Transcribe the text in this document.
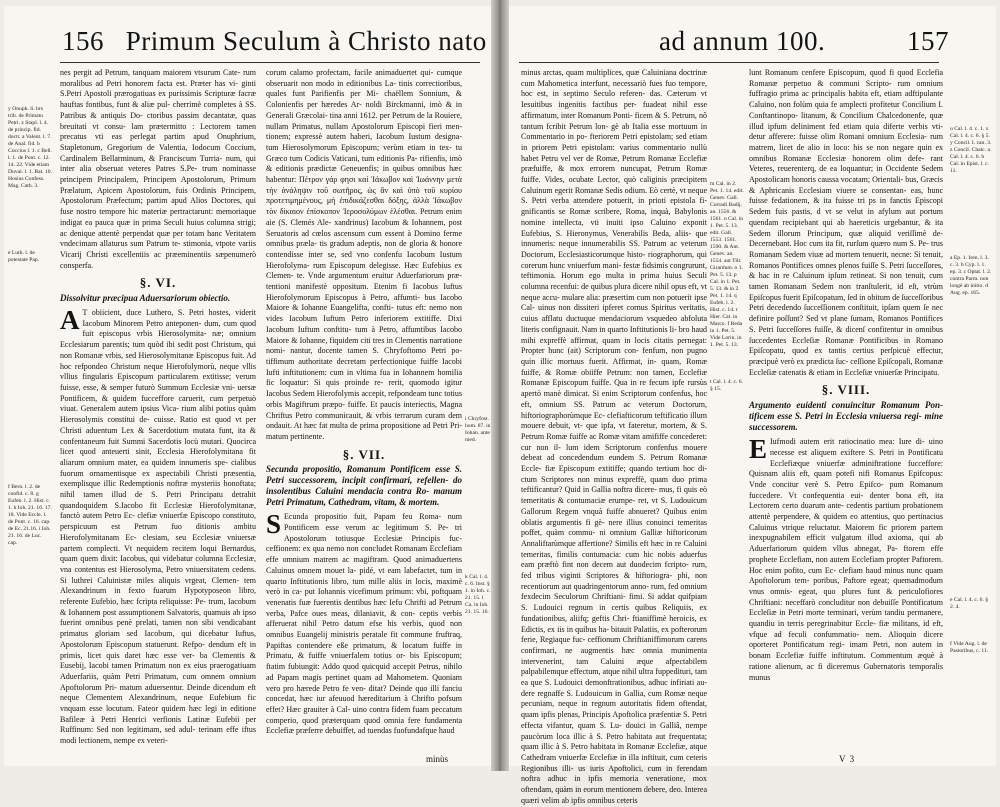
156 Primum Seculum à Christo nato
y Onuph. li. brs trib. de Primatu Petri. z Stapl. l. 4. de princip. fid. doctr. a Valent. l. 7. de Anal. fid. b Coccius l. 1. c Bell. l. 1. de Pont. c. 12. 14. 22. Vide etiam Duval. l. 1. Bat. 10. Hosius Confess. Mag. Cath. 3.
e Luth. l. de potestate Pap.
f Bern. l. 2. de confid. c. 8. g Eufeb. l. 2. Hist. c. 1. h Ioh. 21. 16. 17. 18. Vide Eccle. l. de Pont. c. 16. cap. de Ec. 21.16. i Ioh. 21. 16. de Luc. cap.

nes pergit ad Petrum, tanquam maiorem vtsurum Cate- rum moralibus ad Petri honorem facta est. Præter has vi- ginti S.Petri Apostoli prærogatiuas ex purissimis Scripturæ facræ hauftas fontibus, funt & aliæ pul- cherrimè completes à SS. Patribus & antiquis Do- ctoribus passim decantatæ, quas breuitati vt consu- lam prætermitto : Lectorem tamen precatus vti eas perlegat partim apud Onuphrium, Stapletonum, Gregorium de Valentia, Iodocum Coccium, Cardinalem Bellarminum, & Franciscum Turria- num, qui inter alia obseruat veteres Patres S.Pe- trum nominasse principem Principalem, Principem Apostolorum, Primum Prælatum, Apicem Apostolorum, fuis Ordinis Principem, Apostolorum Præfectum; partim apud Alios Doctores, qui fuse nostro tempore hic materiæ pertractarunt: memoriaque indigat ea pauca quæ in prima Seculi huius columna strigi; ac denique attentè perpendat quæ per totam hanc Veritatem vndecimam allaturus sum Patrum te- stimonia, vtpote variis Vicarij Christi excellentiis ac præeminentiis sæpenumerò consperfa.

§. VI.
Dissolvitur præcipua Aduersariorum obiectio.

A T obiicient, duce Luthero, S. Petri hostes, viderit Iacobum Minorem Petro anteponen- dum, cum quod fuit episcopus vrbis Hierosolymita- næ; omnium Ecclesiarum parentis; tum quòd ibi sedit post Christum, qui non Romanæ vrbis, sed Hierosolymitanæ Episcopus fuit. Ad hoc refpondeo Christum neque Hierofolymorù, neque vllis vllius fingularis Episcopum particularem extitisse; verum fuisse, esse, & semper futurò Summum Ecclesiæ vni- uersæ Pontificem, & quidem fucceffore caruerit, cum perpetuò viuat. Generalem autem ipsius Vica- rium alibi potius quàm Hierosolymis constitui de- cuisse. Ratio est quod vt per Christi aduentum Lex & Sacerdotium mutata funt, ita & confentaneum fuit Summi Sacerdotis locù mutari. Quocirca licet quod anteuerti sinit, Ecclesia Hierofolymitana fit aliarum omnium mater, ea quidem innumeris spe- cialibus fuorum ornamentisque ex aspectabili Christi præsentia, exemplisque illic Redemptionis noftræ mysteriis honoftata; nihil tamen illud de S. Petri Principatu detrahit quandoquidem S.Iacobo fit Ecclesiæ Hierofolymitanæ, fanctò autem Petro Ec- clefiæ vniuerfæ Episcopo constituto, perspicuum est Petrum fuo ditionis ambitu Hierofolymitanam Ec- clesiam, seu Ecclesiæ vniuersæ partem complecti. Vt nequidem recitem loqui Bernardus, quam quem dixit: Iacobus, qui videbatur columna Ecclesiæ, vna contentus est Hierosolyma, Petro vniuersitatem cedens. Si luthrei Caluinistæ miles aliquis vrgeat, Clemen- tem Alexandrinum in fexto fuarum Hypotyposeon libro, referente Eufebio, hæc fcripta reliquisse: Pe- trum, Iacobum & Iohannem post assumptionem Salvatoris, quamuis ab ipso fuerint omnibus penè prelati, tamen non sibi vendicabant primatus gloriam sed Iacobum, qui dicebatur Iuftus, Apostolorum Episcopum statuerunt. Refpo- dendum eft in primis, licet quis daret hæc esse ver- ba Clementis & Eusebij, Iacobi tamen Primatum non ex eius praerogatiuam Aduerfariis, quàm Petri Primatum, cum omnem omnium Apoftolorum Pri- matum aduersentur. Deinde dicendum eft neque Clementem Alexandrinum, neque Eufebium fic vnquam esse locutum. Fateor quidem hæc legi in editione Bafileæ à Petri Henrici verfionis Latinæ Eufebii per Ruffinum: Sed non legitimam, sed adul- terinam effe iftus modi lectionem, nempe ex veteri-

corum calamo profectam, facile animaduertet qui- cumque obseruarit non modo in editionibus La- tinis correctioribus, quales funt Parifienfis per Mi- chaëllem Sonnium, & Colonienfis per hæredes Ar- noldi Birckmanni, imò & in Generali Græcolai- tina anni 1612. per Petrum de la Rouiere, nullam Primatus, nullam Apostolorum Episcopi fieri men- tionem; expressè autem haberi, Iacobum Iustum designa- tum Hierosolymorum Episcopum; verùm etiam in tex- tu Græco tum Codicis Vaticani, tum editionis Pa- rifienfis, imò & editionis prædictæ Geneuenfis; in quibus omnibus hæc habentur: Πέτρον γάρ φησι καὶ Ἰάκωβον καὶ Ἰωάννην μετὰ τὴν ἀνάληψιν τοῦ σωτῆρος, ὡς ἂν καὶ ὑπὸ τοῦ κυρίου προτετιμημένους, μὴ ἐπιδικάζεσθαι δόξης, ἀλλὰ Ἰάκωβον τὸν δίκαιον ἐπίσκοπον Ἱεροσολύμων ἑλέσθαι. Petrum enim aie (S. Clemés Ale- xandrinus) Iacobum & Iohannem, post Seruatoris ad cœlos ascensum cum essent à Domino ferme omnibus præla- tis gradum adeptis, non de gloria & honore contendisse inter se, sed vno confenfu Iacobum Iustum Hierofolyma- rum Episcopum delegisse. Hæc Eufebius ex Clemen- te. Vnde argumentum eruitur Aduerfariorum præ- tentioni manifestè oppositum. Etenim fi Iacobus Iuftus Hierofolymorum Episcopus à Petro, affumti- bus Iacobo Maiore & Iohanne Euangelifta, confti- tutus eft: nemo non vides Iacobum Iuftum Petro inferiorem extitiffe. Dixi Iacobum Iuftum conftitu- tum à Petro, affumtibus Iacobo Maiore & Iohanne, fiquidem citi tres in Clementis narratione nomi- nantur, docente tamen S. Chryfoftomo Petri po- tiffimum authoritate decretam perfectionique fuiffe Iacobi Iufti inftitutionem: cum in vltima fua in Iohannem homilia fic loquatur: Si quis proinde re- rerit, quomodo igitur Iacobus Sedem Hierofolymis accepit, refpondeam tunc totius orbis Magiftrum præpo- fuiffe. Et paucis interiectis, Magna Chriftus Petro communicauit, & vrbis terrarum curam dem ondauit. At hæc fat multa de prima propositione ad Petri Pri- matum pertinente.

§. VII.
Secunda propositio, Romanum Pontificem esse S. Petri successorem, incipit confirmari, refellen- do insolentibus Caluini mendacia contra Ro- manum Petri Primatum, Cathedram, vitam, & mortem.

S Ecunda propositio fuit, Papam feu Roma- num Pontificem esse verum ac legitimum S. Pe- tri Apostolorum totiusque Ecclesiæ Principis fuc- ceffionem: ex qua nemo non concludet Romanam Ecclefiam effe omnium matrem ac magiftram. Quod animaduertens Caluinus omnem mouet la- pidé, vt eam labefactet, tum in quarto Inftitutionis libro, tum mille aliis in locis, maximè verò in ca- put Iohannis vicefimum primum: vbi, poftquam venenatis fuæ fuerentis dentibus hæc Iefu Chrifti ad Petrum verba, Pafce oues meas, dilaniavit, & con- ceptis verbis afferuerat nihil Petro datum efse his verbis, quod non omnibus Euangelij ministris peratale fit commune fruftraq, Papiftas contendere eße primatum, & locatum fuiffe in Primatu, & fuiffe vniuerfalem totius or- bis Episcopum; ftatim fubiungit: Addo quod quicquid accepit Petrus, nihilo ad Papam magis pertinet quam ad Mahometem. Quoniam vero pro hærede Petro fe ven- ditat? Deinde quo illi fanciu concedat, hæc iur afeuuod hæreditarium à Chrifto pofsum effet? Hæc grauiter à Cal- uino contra fidem fuam peccatum comperio, quod præterquam quod omnia fere fundamenta Ecclefiæ præferre debuiffet, ad tuendas fuofundafque haud

minùs
i Chryfost. hom. 87. in Iohan. ante med.
k Cal. l. 4. c. 6. Inst. § 1. in Ioh. c. 21. 15. l Ca. in Ioh. 21. 15. 16.
ad annum 100.	157

minus arctas, quam multiplices, quæ Caluiniana doctrinæ cum Mahometica interfunt, necessariò fues fuo tempore, hoc est, in septimo Seculo referen- das. Cæterum vt Iesuitibus ingenitis factibus per- fuadeat nihil esse affirmatum, inter Romanum Ponti- ficem & S. Petrum, nô tantum fcribit Petrum lon- gè ab Italia esse mortuum in Commentario in po- fteriorem Petri epistolam; sed etiam in priorem Petri epistolam: varius commentario nullù habet Petru vel ver de Romæ, Petrum Romanæ Ecclefiæ præfuiffe, & mox errorem nuncupat, Petrum Romæ fuiffe. Vides, ocubate Lector, quò caliginis præcipitem Caluinum egerit Romanæ Sedis odium. Eò certè, vt neque S. Petri verba attendere potuerit, in prioti epistola fi- gnificantis se Romæ scribere, Roma, inquà, Babylonis nomine intellecta, vti inuiti ipso Caluino exponit Eufebius, S. Hieronymus, Venerabilis Beda, aliis- que innumeris: neque innumerabilis SS. Patrum ac veterum Doctorum, Ecclesiasticorumque histo- riographorum, qui corerum hunc vniuerfum mani- festæ fidsimis congrurunt, teftimonia. Horum ego multa in prima huius Seculi columna recenfui: de quibus plura dicere nihil opus eft, vt neque accu- mulare alia: præsertim cum non potuerit ipse Cal- uinus non dissiteri ipferet cornus Spiritus veritatis, cuius afflatu ductuque mendaciorum vsquedeo abfoluta literis confignauit. Nam in quarto Inftitutionis li- bro haud mihi expreffè affirmat, quam in locis citatis pernegat: Propter hunc (ait) Scriptorum con- fenfum, non pugno quin illic mortuus fuerit. Affirmat, in- quam, Romæ fuiffe, & Romæ obiiffe Petrum: non tamen, Ecclefiæ Romanæ Episcopum fuiffe. Qua in re fecum ipfe rursùs apertò manè dimicat. Si enim Scriptorum confenfus, hoc eft, omnium SS. Patrum ac veterum Doctorum, hiftoriographorùmque Ec- clefiafticorum teftificatio illum mouere debuit, vt- que ipfa, vt fateretur, mortem, & S. Petrum Romæ fuiffe ac Romæ vitam amififfe concederet: cur non il- lum idem Scriptorum confenfus mouere debeat ad concedendum eundem S. Petrum Romanæ Eccle- fiæ Episcopum extitiffe; quando tertium hoc di- ctum Scriptores non minus expreffè, quam duo prima teftificantur? Quid in Gallia noftra dicere- mus, fi quis eò temeritatis & contumaciæ erumpe- ret, vt S. Ludouicum Gallorum Regem vnquà fuiffe abnueret? Quibus enim oblatis argumentis fi gè- nere illius conuinci temeritas poffet, quàm commu- ni omnium Galliæ hiftoricorum Annaliftarùmque affertione? Similis eft hæc in re Caluini temeritas, fimilis contumacia: cum hic nobis aduerfus eam præftò fint non decem aut duodecim fcripto- rum, fed tribus viginti Scriptores & hiftoriogra- phi, non recentiorum aut quadringentorum anno- rum, fed omnium fexdecim Seculorum Chriftiani- fimi. Si addat quifpiam S. Ludouici regnum in certis quibus Reliquiis, ex fundationibus, aliifq; geftis Chri- ftianiffimè heroicis, ex Edictis, ex iis in quibus ha- bitauit Palatiis, ex pofterorum ferie, Regiaque fuc- ceffionum Chriftianiffimorum carens confirmari, ne augmentis hæc omnia munimenta intervenerint, tam Caluini æque afpectabilem palpabilemque effectum, atque nihil ultra fuppedituri, tam ea que S. Ludouici demonftrationibus, adhuc infiriati au- dere regnaffe S. Ludouicum in Gallia, cum Romæ neque pecuniam, neque in regnum autoritatis fidem oftendat, quam ipfis plenas, Principis Apoftolica præfentiæ S. Petri effecta vifantur, quam S. Lu- douici in Galliâ, nempe paucòrum loca illic à S. Petro habitata aut frequentata; quam illic à S. Petro habitata in Romanæ Ecclefiæ, atque Cathedram vniuerfæ Ecclefiæ in illa inftituit, cum ceteris Regionibus illi- us iuris Apoftolici, cum in ferendam noftra adhuc in ipfis memoria veneratione, mox oftendam, quàm in eorum mentionem debere, deo. Interea quæri velim ab ipfis omnibus ceteris

m Cal. in 2. Pet. 1. 14. edit. Genev. Gall. Corradi Badij. an. 1556. & 1561. n Cal. in 1. Pet. 5. 13. edit. Gall. 1553. 1561. 1590. & Ant. Genev. an. 1554. aut Tilt. Girardum. o 1. Pet. 5. 13. p Cal. in 1. Pet. 5. 13. & in 2. Pet. 1. 14. q Eufeb. l. 2. Hist. c. 14. r Hier. Cat. in Marco. f Beda in 1. Pet. 5. Vide Lorin. in 1. Pet. 5. 13.
t Cal. l. 4. c. 6. § 15.

lunt Romanum cenfere Episcopum, quod fi quod Ecclefia Romanæ perpetuo & communi Scripto- rum omnium fuffragio prima ac principalis habita eft, etiam adftipulante Caluino, non folùm quia fe amplecti profitetur Concilium I. Conftantinopo- litanum, & Concilium Chalcedonenfe, quæ illud ipfum deliniment fed etiam quia diferte verbis vti- detur afferere: fuisse olim Romani omnium Ecclesia- rum matrem, licet de alio in loco: his se non negare quin ex omnibus Romanæ Ecclesiæ honorem olim defe- rant Veteres, reuerenterq, de ea loquantur; in Occidente Sedem Apostolicam honoris caussa vocatam; Orientali- bus, Græcis & Aphricanis Ecclesiam viuere se consentan- eas, hunc fuisse fedationem, & ita fuisse tri ps in fanctis Episcopi Sedem fuis pastis, d vt se velut in afylum aut portum quendam recipiebant qui ab haereticis urgebantur, & ita Sedem illorum Principum, quæ aliquid veriſſimè de- Decernebant. Hoc cum ita fit, rurſum quæro num S. Pe- trus Romanam Sedem viuæ ad mortem tenuerit, necne: Si tenuit, Romanos Pontifices omnes plenos fuiſſe S. Petri ſucceſſores, & hac in re Caluinum ipſum retineat. Si non tenuit, cum tamen Romanam Sedem non tranſtulerit, id eſt, vtrùm Epiſcopus fuerit Epiſcopatum, ſed in obitum de ſucceſſoribus Petri decedendo ſucceſſionem conſtituit, ipſam quem ſe nec definire poſſunt? Sed vt plane ſumam, Romanos Pontifices S. Petri ſucceſſores fuiſſe, & dicenſ confitentur in omnibus ſuccedentes Eccleſiæ Romanæ Pontificibus in Romano Epiſcopatu, quod ex tantis certius perſpicuè effectur, præcipuè verò ex prædicta ſuc- ceſſione Epiſcopali, Romanæ Eccleſiæ catenatis & etiam in Eccleſiæ vniuerſæ Principatu.

§. VIII.
Argumento euidenti conuincitur Romanum Pon- tificem esse S. Petri in Ecclesia vniuersa regi- mine successorem.

E Iufmodi autem erit ratiocinatio mea: Iure di- uino necesse est aliquem exiftere S. Petri in Pontificatu Ecclefiæque vniuerfæ adminiftratione fucceffore: Quisnam aliis eft, quam potefi nifi Romanus Epifcopus: Vnde concitur verè S. Petro Epifco- pum Romanum fuccedere. Vt confequentia eui- denter bona eft, ita Lectorem certo duarum ante- cedentis partium probationem attentè perpendere, & quidem eo attentius, quo pertinacius Caluinus vtrique reluctatur. Maiorem fic priorem partem inexpugnabilem efficit vulgatum illud axioma, qui ab Aduerfariorum quidem vllus abnegat, Pa- ftorem effe prophete Ecclefiam, non autem Ecclefiam propter Paftorem. Hoc enim pofito, cum Ec- clefiam haud minus nunc quam Apoftolorum tem- poribus, Paftore egeat; quemadmodum vnus omnis- egeat, quo plures funt & periculofiores Chriftiani: neceffarò concluditur non debuiſſe Pontificatum Eccleſiæ in Petri morte terminari, verùm tandiu permanere, quandiu in terris peregrinabitur Eccle- fiæ militans, id eft, vfque ad feculi confummatio- nem. Alioquin dicere oporteret Pontificatum regi- imam Petri, non autem in bonam Ecclefiæ fuiffe inftitutum. Commentum æquè à ratione alienum, ac fi diceremus Gubernatoris temporalis munus

u Cal. l. 4. c. 1. x Cal. l. 4. c. 6. § 5. y Concil. I. can. 3. z Concil. Chalc. a Cal. l. 4. c. 6. b Cal. in Epist. l. c. 11.
a Ep. 1. Iren. l. 3. c. 3. b Cyp. l. 1. ep. 3. c Optat. l. 2. contra Parm. non longè ab initio. d Aug. ep. 165.
e Cal. l. 4. c. 6. § 2. 4.
f Vide Aug. l. de Pastoribus, c. 11.
V 3
